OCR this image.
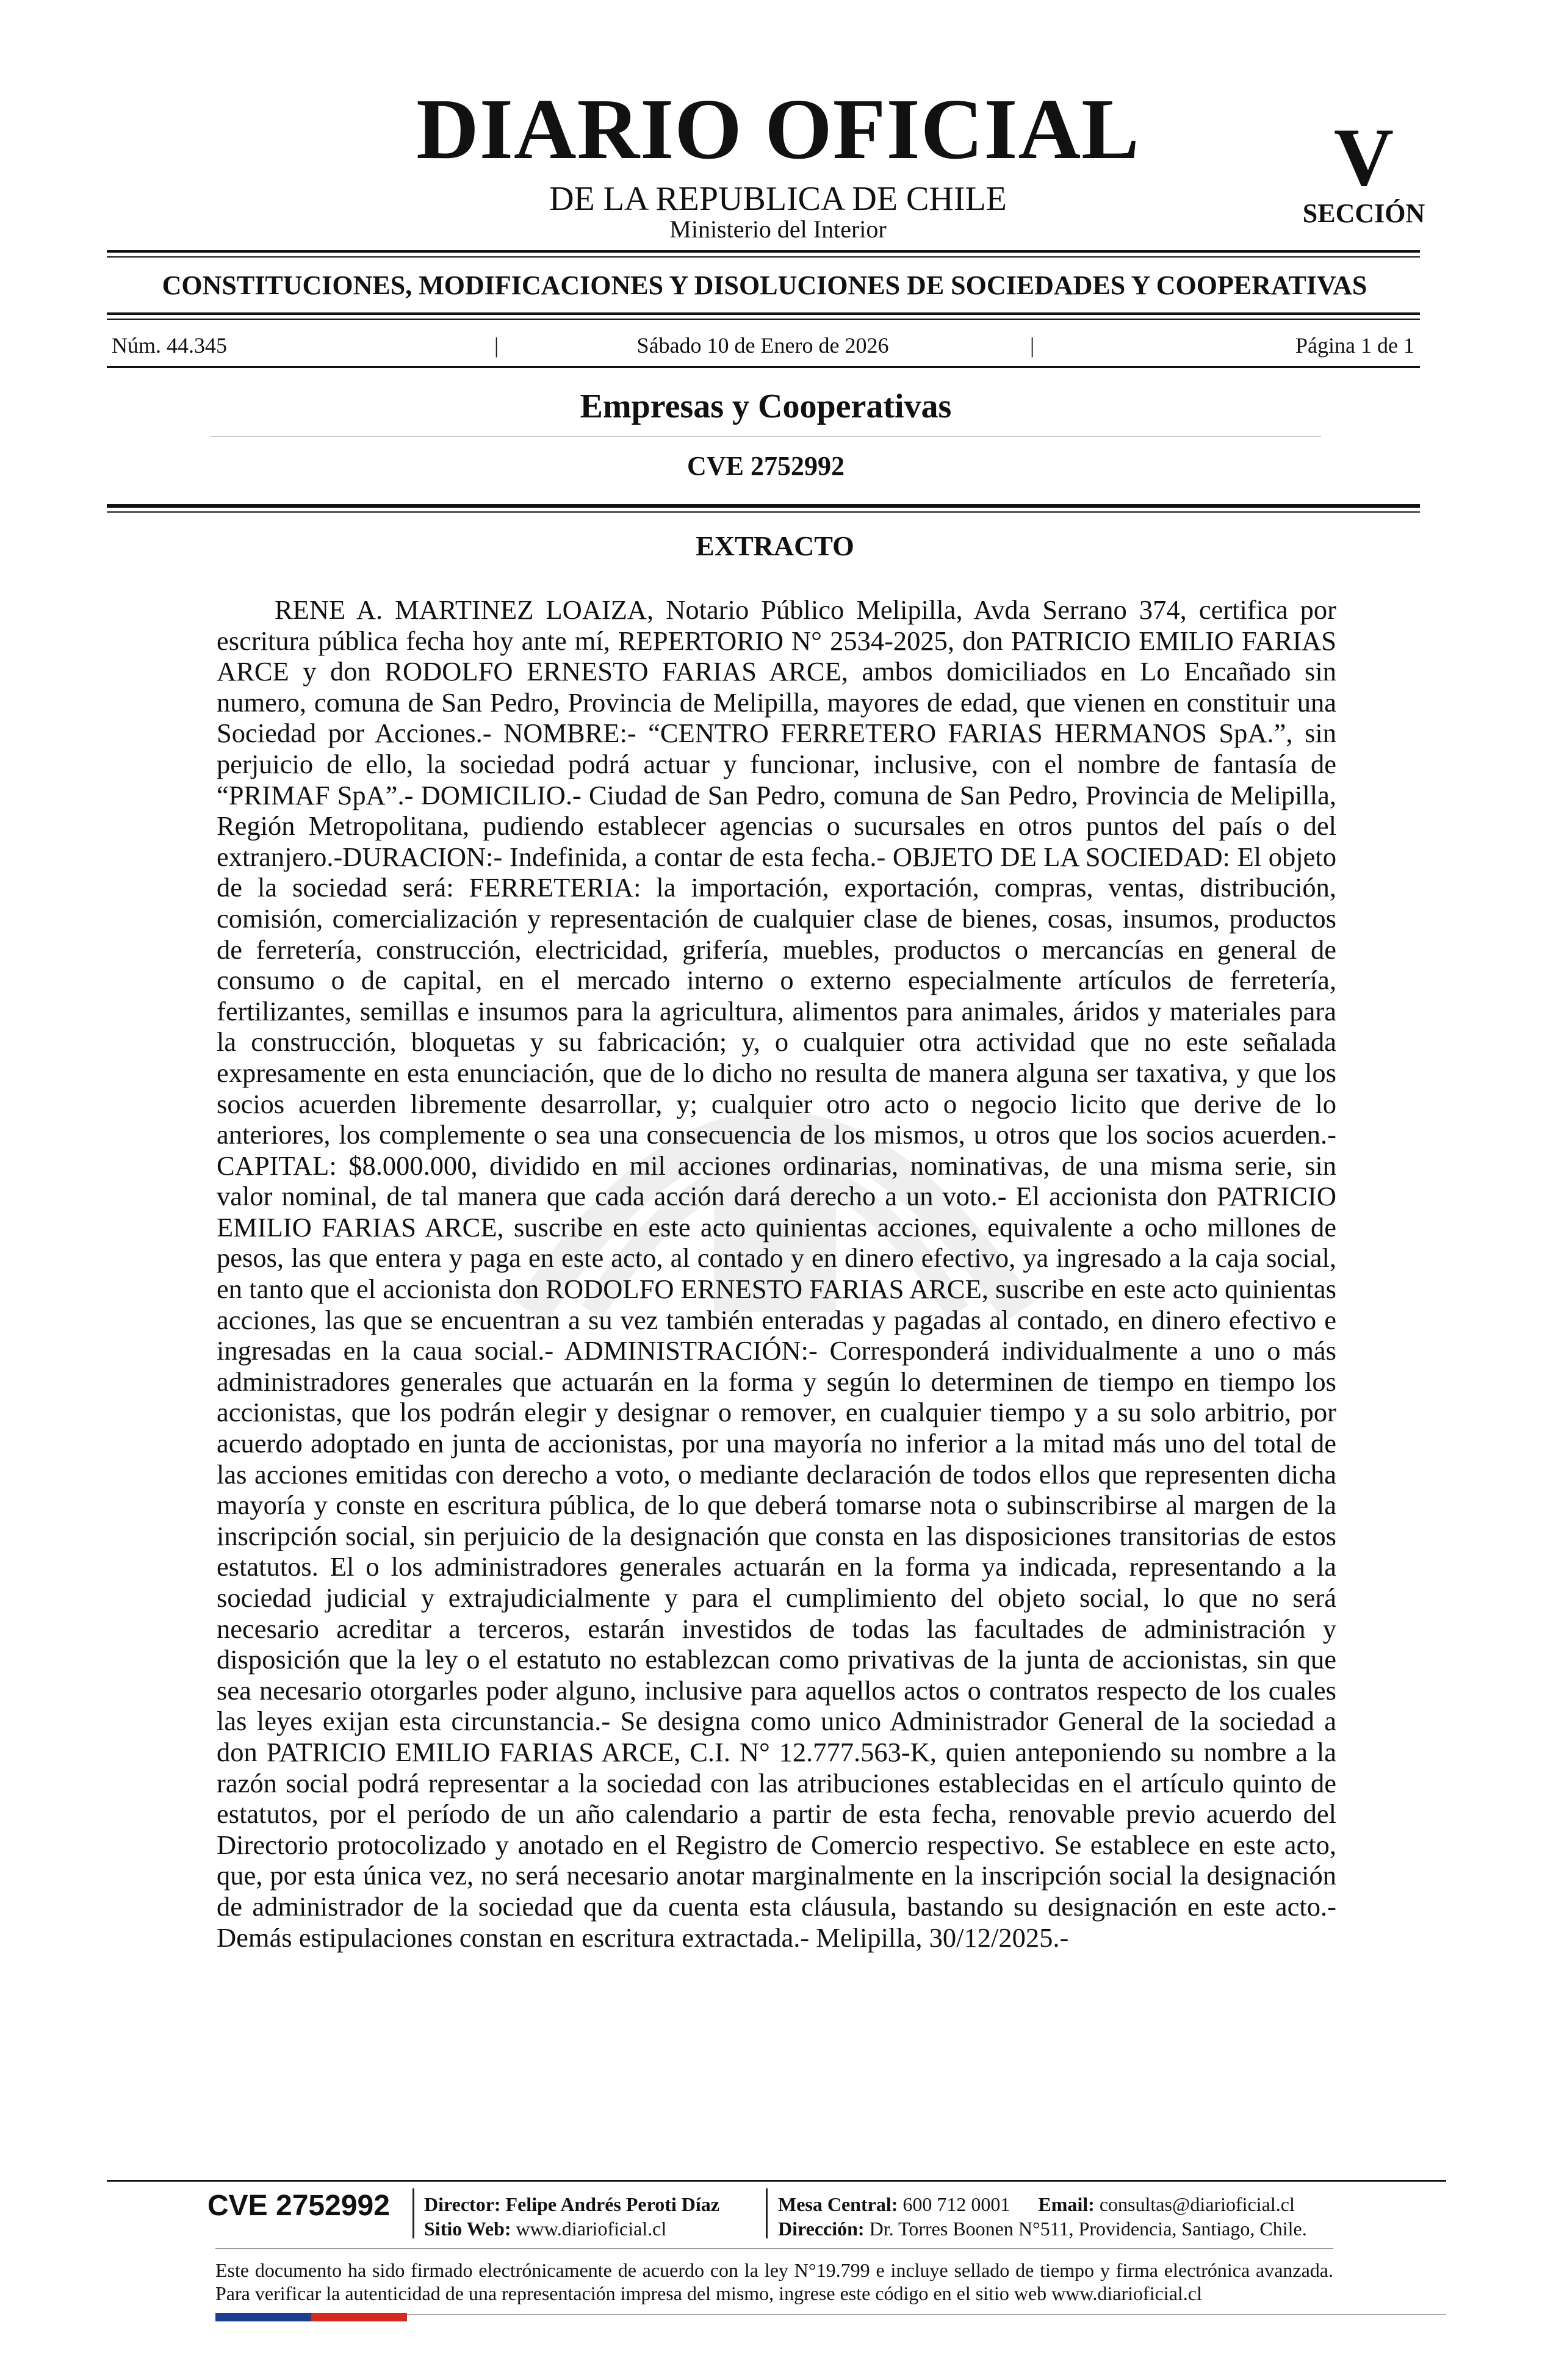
DIARIO OFICIAL
DE LA REPUBLICA DE CHILE
Ministerio del Interior
V
SECCIÓN
CONSTITUCIONES, MODIFICACIONES Y DISOLUCIONES DE SOCIEDADES Y COOPERATIVAS
Núm. 44.345	|	Sábado 10 de Enero de 2026	|	Página 1 de 1
Empresas y Cooperativas
CVE 2752992
EXTRACTO

RENE A. MARTINEZ LOAIZA, Notario Público Melipilla, Avda Serrano 374, certifica por escritura pública fecha hoy ante mí, REPERTORIO N° 2534-2025, don PATRICIO EMILIO FARIAS ARCE y don RODOLFO ERNESTO FARIAS ARCE, ambos domiciliados en Lo Encañado sin numero, comuna de San Pedro, Provincia de Melipilla, mayores de edad, que vienen en constituir una Sociedad por Acciones.- NOMBRE:- “CENTRO FERRETERO FARIAS HERMANOS SpA.”, sin perjuicio de ello, la sociedad podrá actuar y funcionar, inclusive, con el nombre de fantasía de “PRIMAF SpA”.- DOMICILIO.- Ciudad de San Pedro, comuna de San Pedro, Provincia de Melipilla, Región Metropolitana, pudiendo establecer agencias o sucursales en otros puntos del país o del extranjero.-DURACION:- Indefinida, a contar de esta fecha.- OBJETO DE LA SOCIEDAD: El objeto de la sociedad será: FERRETERIA: la importación, exportación, compras, ventas, distribución, comisión, comercialización y representación de cualquier clase de bienes, cosas, insumos, productos de ferretería, construcción, electricidad, grifería, muebles, productos o mercancías en general de consumo o de capital, en el mercado interno o externo especialmente artículos de ferretería, fertilizantes, semillas e insumos para la agricultura, alimentos para animales, áridos y materiales para la construcción, bloquetas y su fabricación; y, o cualquier otra actividad que no este señalada expresamente en esta enunciación, que de lo dicho no resulta de manera alguna ser taxativa, y que los socios acuerden libremente desarrollar, y; cualquier otro acto o negocio licito que derive de lo anteriores, los complemente o sea una consecuencia de los mismos, u otros que los socios acuerden.- CAPITAL: $8.000.000, dividido en mil acciones ordinarias, nominativas, de una misma serie, sin valor nominal, de tal manera que cada acción dará derecho a un voto.- El accionista don PATRICIO EMILIO FARIAS ARCE, suscribe en este acto quinientas acciones, equivalente a ocho millones de pesos, las que entera y paga en este acto, al contado y en dinero efectivo, ya ingresado a la caja social, en tanto que el accionista don RODOLFO ERNESTO FARIAS ARCE, suscribe en este acto quinientas acciones, las que se encuentran a su vez también enteradas y pagadas al contado, en dinero efectivo e ingresadas en la caua social.- ADMINISTRACIÓN:- Corresponderá individualmente a uno o más administradores generales que actuarán en la forma y según lo determinen de tiempo en tiempo los accionistas, que los podrán elegir y designar o remover, en cualquier tiempo y a su solo arbitrio, por acuerdo adoptado en junta de accionistas, por una mayoría no inferior a la mitad más uno del total de las acciones emitidas con derecho a voto, o mediante declaración de todos ellos que representen dicha mayoría y conste en escritura pública, de lo que deberá tomarse nota o subinscribirse al margen de la inscripción social, sin perjuicio de la designación que consta en las disposiciones transitorias de estos estatutos. El o los administradores generales actuarán en la forma ya indicada, representando a la sociedad judicial y extrajudicialmente y para el cumplimiento del objeto social, lo que no será necesario acreditar a terceros, estarán investidos de todas las facultades de administración y disposición que la ley o el estatuto no establezcan como privativas de la junta de accionistas, sin que sea necesario otorgarles poder alguno, inclusive para aquellos actos o contratos respecto de los cuales las leyes exijan esta circunstancia.- Se designa como unico Administrador General de la sociedad a don PATRICIO EMILIO FARIAS ARCE, C.I. N° 12.777.563-K, quien anteponiendo su nombre a la razón social podrá representar a la sociedad con las atribuciones establecidas en el artículo quinto de estatutos, por el período de un año calendario a partir de esta fecha, renovable previo acuerdo del Directorio protocolizado y anotado en el Registro de Comercio respectivo. Se establece en este acto, que, por esta única vez, no será necesario anotar marginalmente en la inscripción social la designación de administrador de la sociedad que da cuenta esta cláusula, bastando su designación en este acto.- Demás estipulaciones constan en escritura extractada.- Melipilla, 30/12/2025.-

CVE 2752992 Director: Felipe Andrés Peroti Díaz
Sitio Web: www.diarioficial.cl
Mesa Central: 600 712 0001 Email: consultas@diarioficial.cl
Dirección: Dr. Torres Boonen N°511, Providencia, Santiago, Chile.

Este documento ha sido firmado electrónicamente de acuerdo con la ley N°19.799 e incluye sellado de tiempo y firma electrónica avanzada. Para verificar la autenticidad de una representación impresa del mismo, ingrese este código en el sitio web www.diarioficial.cl
